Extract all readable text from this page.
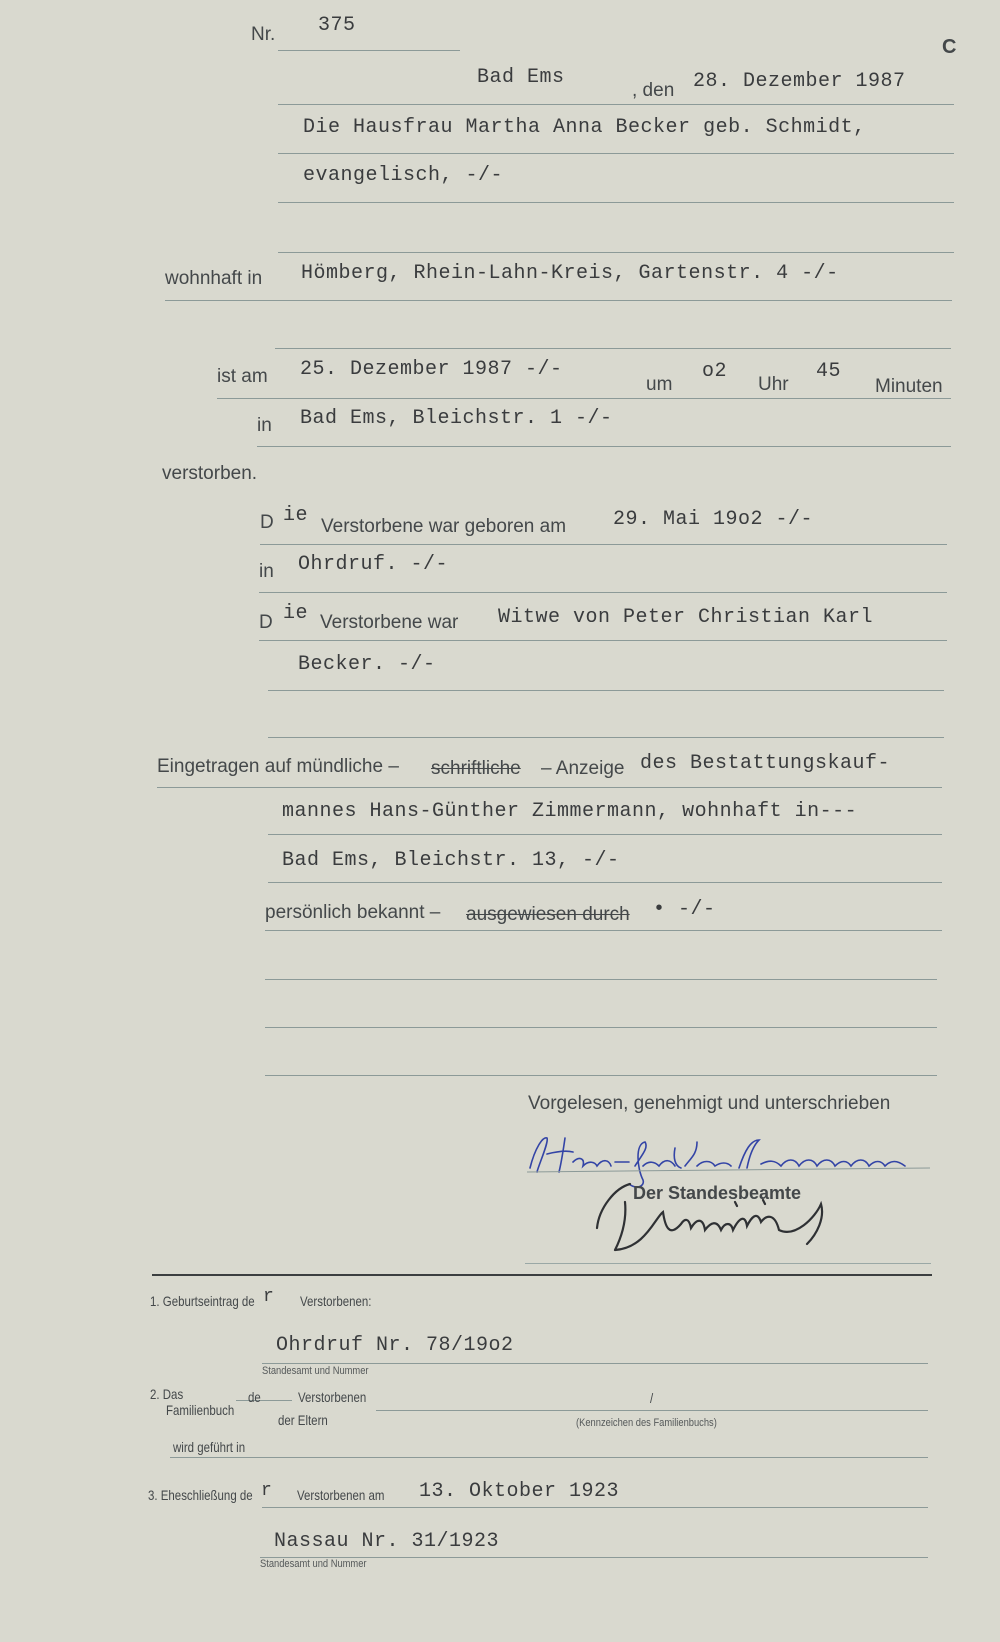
Nr. 375
C
Bad Ems
, den 28. Dezember 1987
Die Hausfrau Martha Anna Becker geb. Schmidt,
evangelisch, -/-
wohnhaft in Hömberg, Rhein-Lahn-Kreis, Gartenstr. 4 -/-
ist am 25. Dezember 1987 -/-
um
o2
Uhr
45
Minuten
in Bad Ems, Bleichstr. 1 -/-
verstorben.
D ie Verstorbene war geboren am 29. Mai 19o2 -/-
in Ohrdruf. -/-
D ie Verstorbene war Witwe von Peter Christian Karl
Becker. -/-
Eingetragen auf mündliche – schriftliche – Anzeige des Bestattungskauf-
mannes Hans-Günther Zimmermann, wohnhaft in---
Bad Ems, Bleichstr. 13, -/-
persönlich bekannt – ausgewiesen durch • -/-
Vorgelesen, genehmigt und unterschrieben
Der Standesbeamte
1. Geburtseintrag de r Verstorbenen:
Ohrdruf Nr. 78/19o2
Standesamt und Nummer
2. Das
Familienbuch
de	Verstorbenen
der Eltern
/
(Kennzeichen des Familienbuchs)
wird geführt in
3. Eheschließung de r Verstorbenen am 13. Oktober 1923
Nassau Nr. 31/1923
Standesamt und Nummer
